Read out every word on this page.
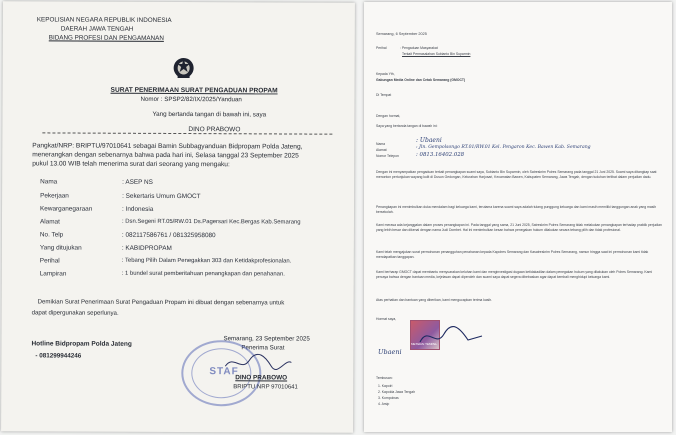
KEPOLISIAN NEGARA REPUBLIK INDONESIA
DAERAH JAWA TENGAH
BIDANG PROFESI DAN PENGAMANAN
SURAT PENERIMAAN SURAT PENGADUAN PROPAM
Nomor : SPSP2/82/IX/2025/Yanduan
Yang bertanda tangan di bawah ini, saya
DINO PRABOWO
Pangkat/NRP: BRIPTU/97010641 sebagai Bamin Subbagyanduan Bidpropam Polda Jateng,
menerangkan dengan sebenarnya bahwa pada hari ini, Selasa tanggal 23 September 2025
pukul 13.00 WIB telah menerima surat dari seorang yang mengaku:
Nama	: ASEP NS
Pekerjaan	: Sekertaris Umum GMOCT
Kewarganegaraan	: Indonesia
Alamat	: Dsn.Segeni RT.05/RW.01 Ds.Pagersari Kec.Bergas Kab.Semarang
No. Telp	: 082117586761 / 081325958080
Yang ditujukan	: KABIDPROPAM
Perihal	: Tebang Pilih Dalam Penegakkan 303 dan Ketidakprofesionalan.
Lampiran	: 1 bundel surat pemberitahuan penangkapan dan penahanan.
Demikian Surat Penerimaan Surat Pengaduan Propam ini dibuat dengan sebenarnya untuk
dapat dipergunakan seperlunya.
Hotline Bidpropam Polda Jateng
- 081299944246
Semarang, 23 September 2025
Penerima Surat
STAF
DINO PRABOWO
BRIPTU NRP 97010641
Semarang, 6 September 2025
Perihal	: Pengaduan Masyarakat
Terkait Permasalahan Subianto Bin Suparmin
Kepada Yth,
Gabungan Media Online dan Cetak Semarang (GMOCT)
Di Tempat
Dengan hormat,
Saya yang bertanda tangan di bawah ini:
Nama	: Ubaeni
Alamat	: Jln. Gempolsongo RT.01/RW.01 Kel. Pengaron Kec. Bawen Kab. Semarang
Nomor Telepon	: 0813.16402.028
Dengan ini menyampaikan pengaduan terkait penangkapan suami saya, Subianto Bin Suparmin, oleh Satreskrim Polres Semarang pada tanggal 21 Juni 2025. Suami saya ditangkap saat menonton pertunjukan wayang kulit di Dusun Gedongan, Kelurahan Harjosari, Kecamatan Bawen, Kabupaten Semarang, Jawa Tengah, dengan tuduhan terlibat dalam perjudian dadu.
Penangkapan ini menimbulkan duka mendalam bagi keluarga kami, terutama karena suami saya adalah tulang punggung keluarga dan kami masih memiliki tanggungan anak yang masih bersekolah.
Kami merasa ada kejanggalan dalam proses penangkapan ini. Pada tanggal yang sama, 21 Juni 2025, Satreskrim Polres Semarang tidak melakukan penangkapan terhadap praktik perjudian yang lebih besar dan dikenal dengan nama Judi Dombet. Hal ini menimbulkan kesan bahwa penegakan hukum dilakukan secara tebang pilih dan tidak profesional.
Kami telah mengajukan surat permohonan penangguhan penahanan kepada Kapolres Semarang dan Kasatreskrim Polres Semarang, namun hingga saat ini permohonan kami tidak mendapatkan tanggapan.
Kami berharap GMOCT dapat membantu menyuarakan keluhan kami dan menginvestigasi dugaan ketidakadilan dalam penegakan hukum yang dilakukan oleh Polres Semarang. Kami percaya bahwa dengan bantuan media, kejelasan dapat diperoleh dan suami saya dapat segera dibebaskan agar dapat kembali menghidupi keluarga kami.
Atas perhatian dan bantuan yang diberikan, kami mengucapkan terima kasih.
Hormat saya,
METERAI TEMPEL
Ubaeni
Tembusan:
1. Kapolri
2. Kapolda Jawa Tengah
3. Kompolnas
4. Arsip
